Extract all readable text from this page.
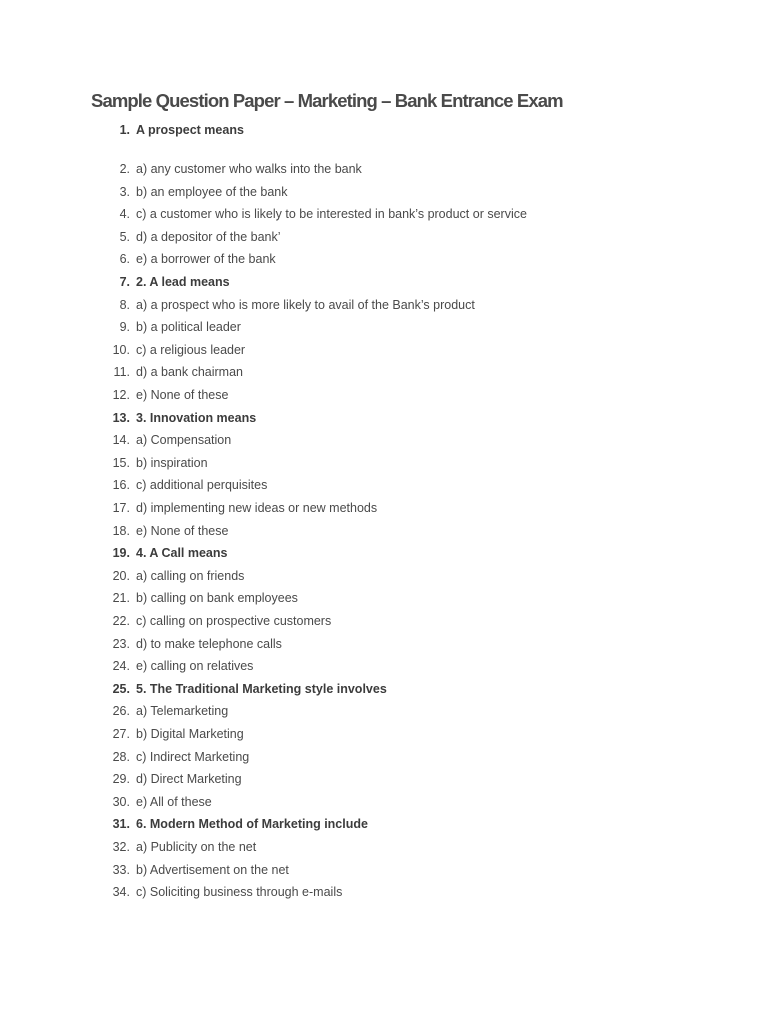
Sample Question Paper – Marketing – Bank Entrance Exam
1. A prospect means
2. a) any customer who walks into the bank
3. b) an employee of the bank
4. c) a customer who is likely to be interested in bank’s product or service
5. d) a depositor of the bank’
6. e) a borrower of the bank
7. 2. A lead means
8. a) a prospect who is more likely to avail of the Bank’s product
9. b) a political leader
10. c) a religious leader
11. d) a bank chairman
12. e) None of these
13. 3. Innovation means
14. a) Compensation
15. b) inspiration
16. c) additional perquisites
17. d) implementing new ideas or new methods
18. e) None of these
19. 4. A Call means
20. a) calling on friends
21. b) calling on bank employees
22. c) calling on prospective customers
23. d) to make telephone calls
24. e) calling on relatives
25. 5. The Traditional Marketing style involves
26. a) Telemarketing
27. b) Digital Marketing
28. c) Indirect Marketing
29. d) Direct Marketing
30. e) All of these
31. 6. Modern Method of Marketing include
32. a) Publicity on the net
33. b) Advertisement on the net
34. c) Soliciting business through e-mails
